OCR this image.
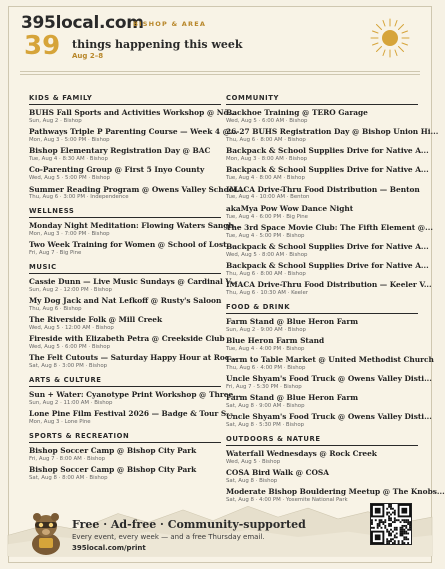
395local.com
BISHOP & AREA
39 things happening this week
Aug 2–8
KIDS & FAMILY
BUHS Fall Sports and Activities Workshop @ Nō...
Sun, Aug 2 · Bishop
Pathways Triple P Parenting Course — Week 4 @...
Mon, Aug 3 · 5:00 PM · Bishop
Bishop Elementary Registration Day @ BAC
Tue, Aug 4 · 8:30 AM · Bishop
Co-Parenting Group @ First 5 Inyo County
Wed, Aug 5 · 5:00 PM · Bishop
Summer Reading Program @ Owens Valley School...
Thu, Aug 6 · 3:00 PM · Independence
WELLNESS
Monday Night Meditation: Flowing Waters Sangh...
Mon, Aug 3 · 7:00 PM · Bishop
Two Week Training for Women @ School of Lost...
Fri, Aug 7 · Big Pine
MUSIC
Cassie Dunn — Live Music Sundays @ Cardinal V...
Sun, Aug 2 · 12:00 PM · Bishop
My Dog Jack and Nat Lefkoff @ Rusty's Saloon
Thu, Aug 6 · Bishop
The Riverside Folk @ Mill Creek
Wed, Aug 5 · 12:00 AM · Bishop
Fireside with Elizabeth Petra @ Creekside Club
Wed, Aug 5 · 6:00 PM · Bishop
The Felt Cutouts — Saturday Happy Hour at Roc...
Sat, Aug 8 · 3:00 PM · Bishop
ARTS & CULTURE
Sun + Water: Cyanotype Print Workshop @ Three...
Sun, Aug 2 · 11:00 AM · Bishop
Lone Pine Film Festival 2026 — Badge & Tour S...
Mon, Aug 3 · Lone Pine
SPORTS & RECREATION
Bishop Soccer Camp @ Bishop City Park
Fri, Aug 7 · 8:00 AM · Bishop
Bishop Soccer Camp @ Bishop City Park
Sat, Aug 8 · 8:00 AM · Bishop
COMMUNITY
Backhoe Training @ TERO Garage
Wed, Aug 5 · 6:00 AM · Bishop
26-27 BUHS Registration Day @ Bishop Union Hi...
Thu, Aug 6 · 8:00 AM · Bishop
Backpack & School Supplies Drive for Native A...
Mon, Aug 3 · 8:00 AM · Bishop
Backpack & School Supplies Drive for Native A...
Tue, Aug 4 · 8:00 AM · Bishop
IMACA Drive-Thru Food Distribution — Benton
Tue, Aug 4 · 10:00 AM · Benton
akaMya Pow Wow Dance Night
Tue, Aug 4 · 6:00 PM · Big Pine
The 3rd Space Movie Club: The Fifth Element @...
Tue, Aug 4 · 5:00 PM · Bishop
Backpack & School Supplies Drive for Native A...
Wed, Aug 5 · 8:00 AM · Bishop
Backpack & School Supplies Drive for Native A...
Thu, Aug 6 · 8:00 AM · Bishop
IMACA Drive-Thru Food Distribution — Keeler V...
Thu, Aug 6 · 10:30 AM · Keeler
FOOD & DRINK
Farm Stand @ Blue Heron Farm
Sun, Aug 2 · 9:00 AM · Bishop
Blue Heron Farm Stand
Tue, Aug 4 · 4:00 PM · Bishop
Farm to Table Market @ United Methodist Church
Thu, Aug 6 · 4:00 PM · Bishop
Uncle Shyam's Food Truck @ Owens Valley Disti...
Fri, Aug 7 · 5:30 PM · Bishop
Farm Stand @ Blue Heron Farm
Sat, Aug 8 · 9:00 AM · Bishop
Uncle Shyam's Food Truck @ Owens Valley Disti...
Sat, Aug 8 · 5:30 PM · Bishop
OUTDOORS & NATURE
Waterfall Wednesdays @ Rock Creek
Wed, Aug 5 · Bishop
COSA Bird Walk @ COSA
Sat, Aug 8 · Bishop
Moderate Bishop Bouldering Meetup @ The Knobs...
Sat, Aug 8 · 4:00 PM · Yosemite National Park
Free · Ad-free · Community-supported
Every event, every week — and a free Thursday email.
395local.com/print
